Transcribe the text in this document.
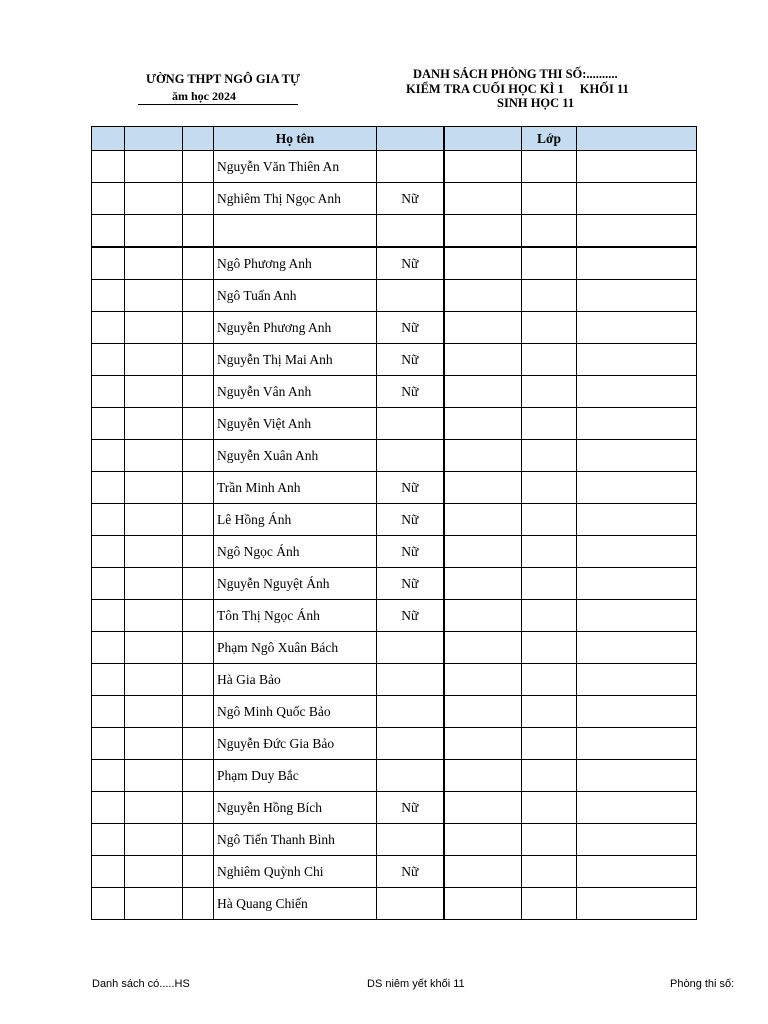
ƯỜNG THPT NGÔ GIA TỰ
ăm học 2024
DANH SÁCH PHÒNG THI SỐ:..........
KIỂM TRA CUỐI HỌC KÌ 1 KHỐI 11
SINH HỌC 11
			Họ tên			Lớp	
			Nguyễn Văn Thiên An				
			Nghiêm Thị Ngọc Anh	Nữ			

			Ngô Phương Anh	Nữ			
			Ngô Tuấn Anh				
			Nguyễn Phương Anh	Nữ			
			Nguyễn Thị Mai Anh	Nữ			
			Nguyễn Vân Anh	Nữ			
			Nguyễn Việt Anh				
			Nguyễn Xuân Anh				
			Trần Minh Anh	Nữ			
			Lê Hồng Ánh	Nữ			
			Ngô Ngọc Ánh	Nữ			
			Nguyễn Nguyệt Ánh	Nữ			
			Tôn Thị Ngọc Ánh	Nữ			
			Phạm Ngô Xuân Bách				
			Hà Gia Bảo				
			Ngô Minh Quốc Bảo				
			Nguyễn Đức Gia Bảo				
			Phạm Duy Bắc				
			Nguyễn Hồng Bích	Nữ			
			Ngô Tiến Thanh Bình				
			Nghiêm Quỳnh Chi	Nữ			
			Hà Quang Chiến				
Danh sách có.....HS	DS niêm yết khối 11	Phòng thi số:
